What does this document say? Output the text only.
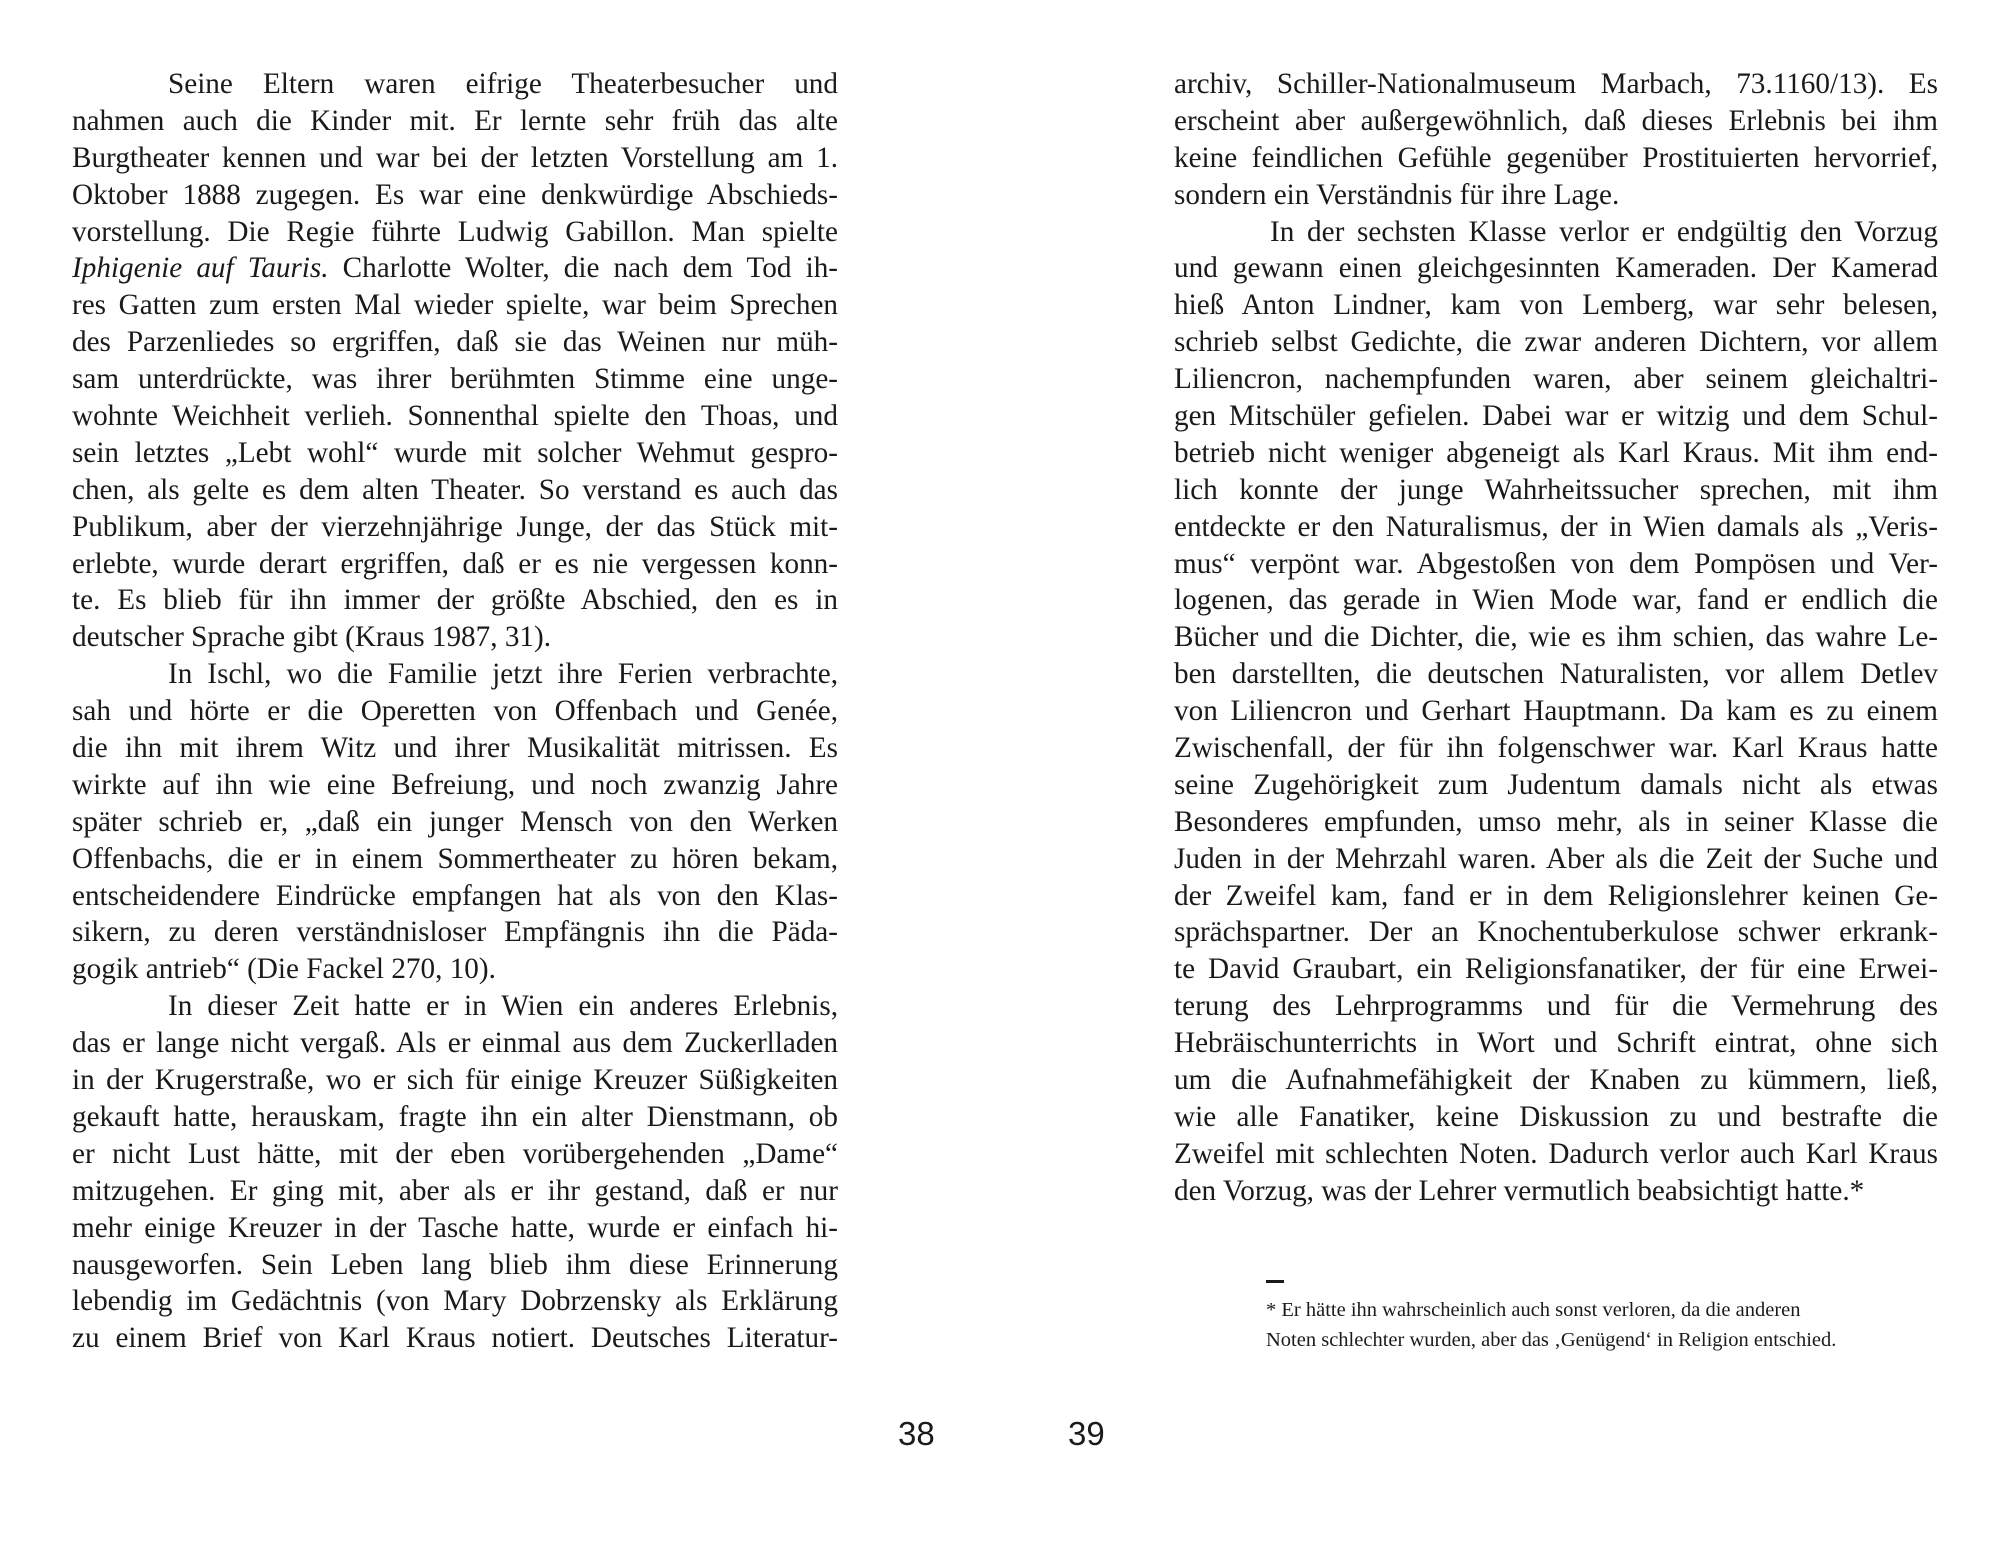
Seine Eltern waren eifrige Theaterbesucher und
nahmen auch die Kinder mit. Er lernte sehr früh das alte
Burgtheater kennen und war bei der letzten Vorstellung am 1.
Oktober 1888 zugegen. Es war eine denkwürdige Abschieds-
vorstellung. Die Regie führte Ludwig Gabillon. Man spielte
Iphigenie auf Tauris. Charlotte Wolter, die nach dem Tod ih-
res Gatten zum ersten Mal wieder spielte, war beim Sprechen
des Parzenliedes so ergriffen, daß sie das Weinen nur müh-
sam unterdrückte, was ihrer berühmten Stimme eine unge-
wohnte Weichheit verlieh. Sonnenthal spielte den Thoas, und
sein letztes „Lebt wohl“ wurde mit solcher Wehmut gespro-
chen, als gelte es dem alten Theater. So verstand es auch das
Publikum, aber der vierzehnjährige Junge, der das Stück mit-
erlebte, wurde derart ergriffen, daß er es nie vergessen konn-
te. Es blieb für ihn immer der größte Abschied, den es in
deutscher Sprache gibt (Kraus 1987, 31).
In Ischl, wo die Familie jetzt ihre Ferien verbrachte,
sah und hörte er die Operetten von Offenbach und Genée,
die ihn mit ihrem Witz und ihrer Musikalität mitrissen. Es
wirkte auf ihn wie eine Befreiung, und noch zwanzig Jahre
später schrieb er, „daß ein junger Mensch von den Werken
Offenbachs, die er in einem Sommertheater zu hören bekam,
entscheidendere Eindrücke empfangen hat als von den Klas-
sikern, zu deren verständnisloser Empfängnis ihn die Päda-
gogik antrieb“ (Die Fackel 270, 10).
In dieser Zeit hatte er in Wien ein anderes Erlebnis,
das er lange nicht vergaß. Als er einmal aus dem Zuckerlladen
in der Krugerstraße, wo er sich für einige Kreuzer Süßigkeiten
gekauft hatte, herauskam, fragte ihn ein alter Dienstmann, ob
er nicht Lust hätte, mit der eben vorübergehenden „Dame“
mitzugehen. Er ging mit, aber als er ihr gestand, daß er nur
mehr einige Kreuzer in der Tasche hatte, wurde er einfach hi-
nausgeworfen. Sein Leben lang blieb ihm diese Erinnerung
lebendig im Gedächtnis (von Mary Dobrzensky als Erklärung
zu einem Brief von Karl Kraus notiert. Deutsches Literatur-
archiv, Schiller-Nationalmuseum Marbach, 73.1160/13). Es
erscheint aber außergewöhnlich, daß dieses Erlebnis bei ihm
keine feindlichen Gefühle gegenüber Prostituierten hervorrief,
sondern ein Verständnis für ihre Lage.
In der sechsten Klasse verlor er endgültig den Vorzug
und gewann einen gleichgesinnten Kameraden. Der Kamerad
hieß Anton Lindner, kam von Lemberg, war sehr belesen,
schrieb selbst Gedichte, die zwar anderen Dichtern, vor allem
Liliencron, nachempfunden waren, aber seinem gleichaltri-
gen Mitschüler gefielen. Dabei war er witzig und dem Schul-
betrieb nicht weniger abgeneigt als Karl Kraus. Mit ihm end-
lich konnte der junge Wahrheitssucher sprechen, mit ihm
entdeckte er den Naturalismus, der in Wien damals als „Veris-
mus“ verpönt war. Abgestoßen von dem Pompösen und Ver-
logenen, das gerade in Wien Mode war, fand er endlich die
Bücher und die Dichter, die, wie es ihm schien, das wahre Le-
ben darstellten, die deutschen Naturalisten, vor allem Detlev
von Liliencron und Gerhart Hauptmann. Da kam es zu einem
Zwischenfall, der für ihn folgenschwer war. Karl Kraus hatte
seine Zugehörigkeit zum Judentum damals nicht als etwas
Besonderes empfunden, umso mehr, als in seiner Klasse die
Juden in der Mehrzahl waren. Aber als die Zeit der Suche und
der Zweifel kam, fand er in dem Religionslehrer keinen Ge-
sprächspartner. Der an Knochentuberkulose schwer erkrank-
te David Graubart, ein Religionsfanatiker, der für eine Erwei-
terung des Lehrprogramms und für die Vermehrung des
Hebräischunterrichts in Wort und Schrift eintrat, ohne sich
um die Aufnahmefähigkeit der Knaben zu kümmern, ließ,
wie alle Fanatiker, keine Diskussion zu und bestrafte die
Zweifel mit schlechten Noten. Dadurch verlor auch Karl Kraus
den Vorzug, was der Lehrer vermutlich beabsichtigt hatte.*
* Er hätte ihn wahrscheinlich auch sonst verloren, da die anderen
Noten schlechter wurden, aber das ‚Genügend‘ in Religion entschied.
38	39
